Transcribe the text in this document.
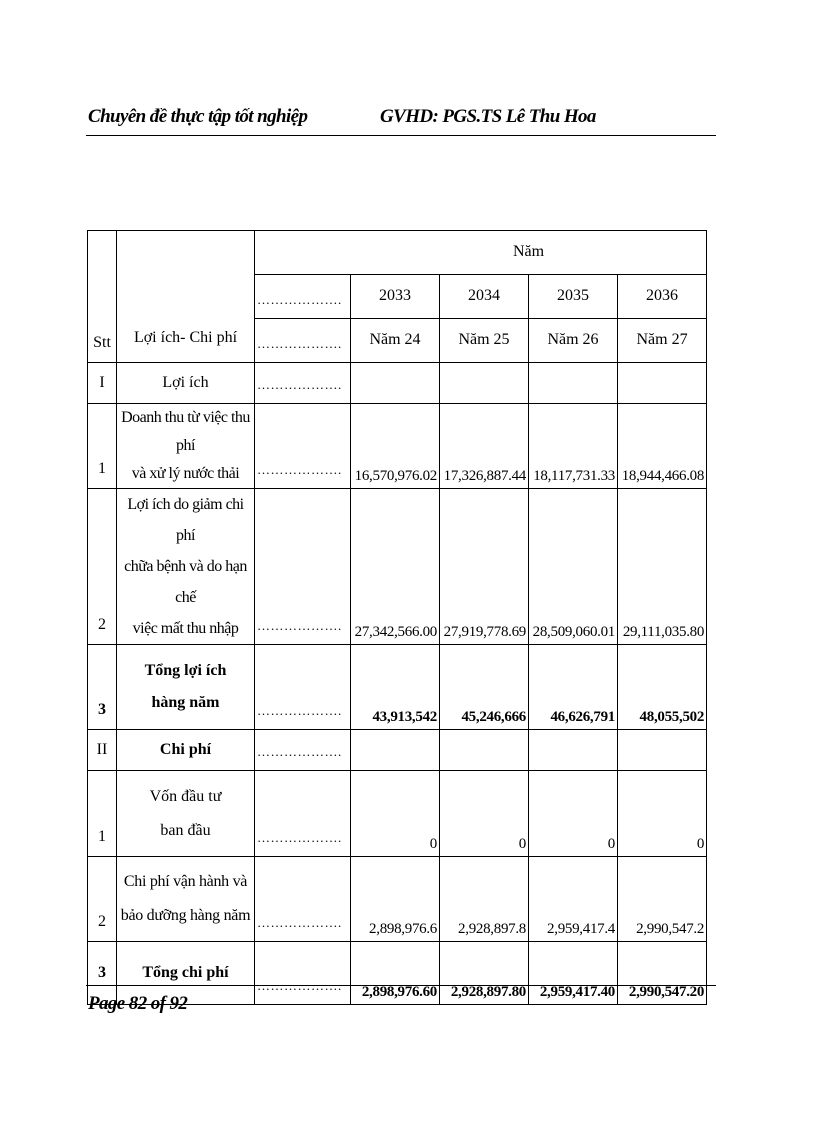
Chuyên đề thực tập tốt nghiệp	GVHD: PGS.TS Lê Thu Hoa
Stt	Lợi ích- Chi phí	Năm				
		……………….	2033	2034	2035	2036
		……………….	Năm 24	Năm 25	Năm 26	Năm 27
I	Lợi ích	……………….				
1	Doanh thu từ việc thu phí
và xử lý nước thải	……………….	16,570,976.02	17,326,887.44	18,117,731.33	18,944,466.08
2	Lợi ích do giảm chi phí
chữa bệnh và do hạn chế
việc mất thu nhập	……………….	27,342,566.00	27,919,778.69	28,509,060.01	29,111,035.80
3	Tổng lợi ích
hàng năm	……………….	43,913,542	45,246,666	46,626,791	48,055,502
II	Chi phí	……………….				
1	Vốn đầu tư
ban đầu	……………….	0	0	0	0
2	Chi phí vận hành và
bảo dưỡng hàng năm	……………….	2,898,976.6	2,928,897.8	2,959,417.4	2,990,547.2
3	Tổng chi phí	……………….	2,898,976.60	2,928,897.80	2,959,417.40	2,990,547.20
Page 82 of 92
